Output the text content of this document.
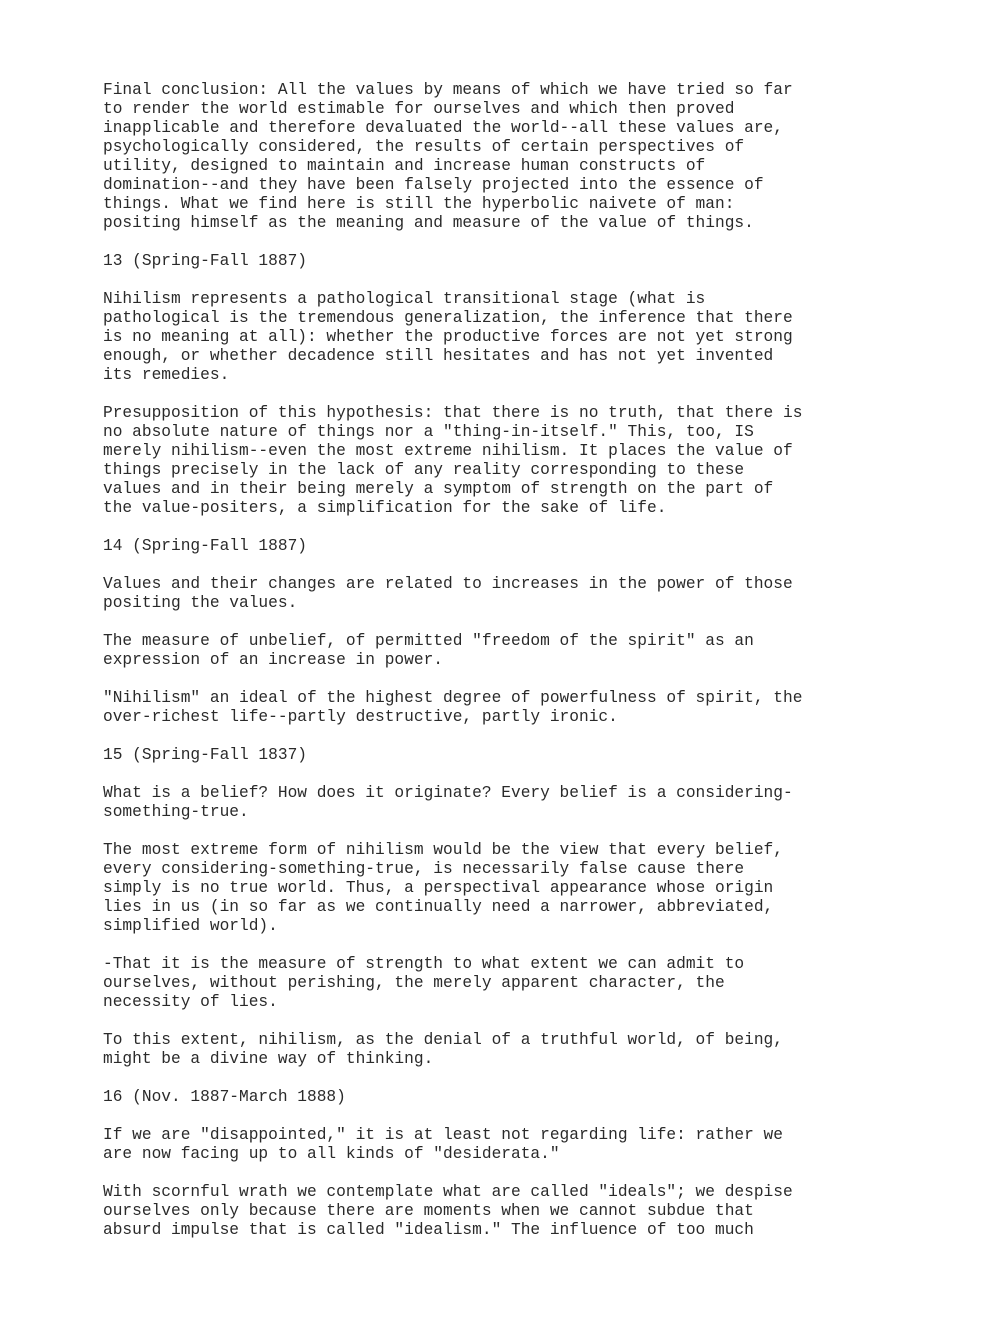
Final conclusion: All the values by means of which we have tried so far
to render the world estimable for ourselves and which then proved
inapplicable and therefore devaluated the world--all these values are,
psychologically considered, the results of certain perspectives of
utility, designed to maintain and increase human constructs of
domination--and they have been falsely projected into the essence of
things. What we find here is still the hyperbolic naivete of man:
positing himself as the meaning and measure of the value of things.
13 (Spring-Fall 1887)
Nihilism represents a pathological transitional stage (what is
pathological is the tremendous generalization, the inference that there
is no meaning at all): whether the productive forces are not yet strong
enough, or whether decadence still hesitates and has not yet invented
its remedies.
Presupposition of this hypothesis: that there is no truth, that there is
no absolute nature of things nor a "thing-in-itself." This, too, IS
merely nihilism--even the most extreme nihilism. It places the value of
things precisely in the lack of any reality corresponding to these
values and in their being merely a symptom of strength on the part of
the value-positers, a simplification for the sake of life.
14 (Spring-Fall 1887)
Values and their changes are related to increases in the power of those
positing the values.
The measure of unbelief, of permitted "freedom of the spirit" as an
expression of an increase in power.
"Nihilism" an ideal of the highest degree of powerfulness of spirit, the
over-richest life--partly destructive, partly ironic.
15 (Spring-Fall 1837)
What is a belief? How does it originate? Every belief is a considering-
something-true.
The most extreme form of nihilism would be the view that every belief,
every considering-something-true, is necessarily false cause there
simply is no true world. Thus, a perspectival appearance whose origin
lies in us (in so far as we continually need a narrower, abbreviated,
simplified world).
-That it is the measure of strength to what extent we can admit to
ourselves, without perishing, the merely apparent character, the
necessity of lies.
To this extent, nihilism, as the denial of a truthful world, of being,
might be a divine way of thinking.
16 (Nov. 1887-March 1888)
If we are "disappointed," it is at least not regarding life: rather we
are now facing up to all kinds of "desiderata."
With scornful wrath we contemplate what are called "ideals"; we despise
ourselves only because there are moments when we cannot subdue that
absurd impulse that is called "idealism." The influence of too much
